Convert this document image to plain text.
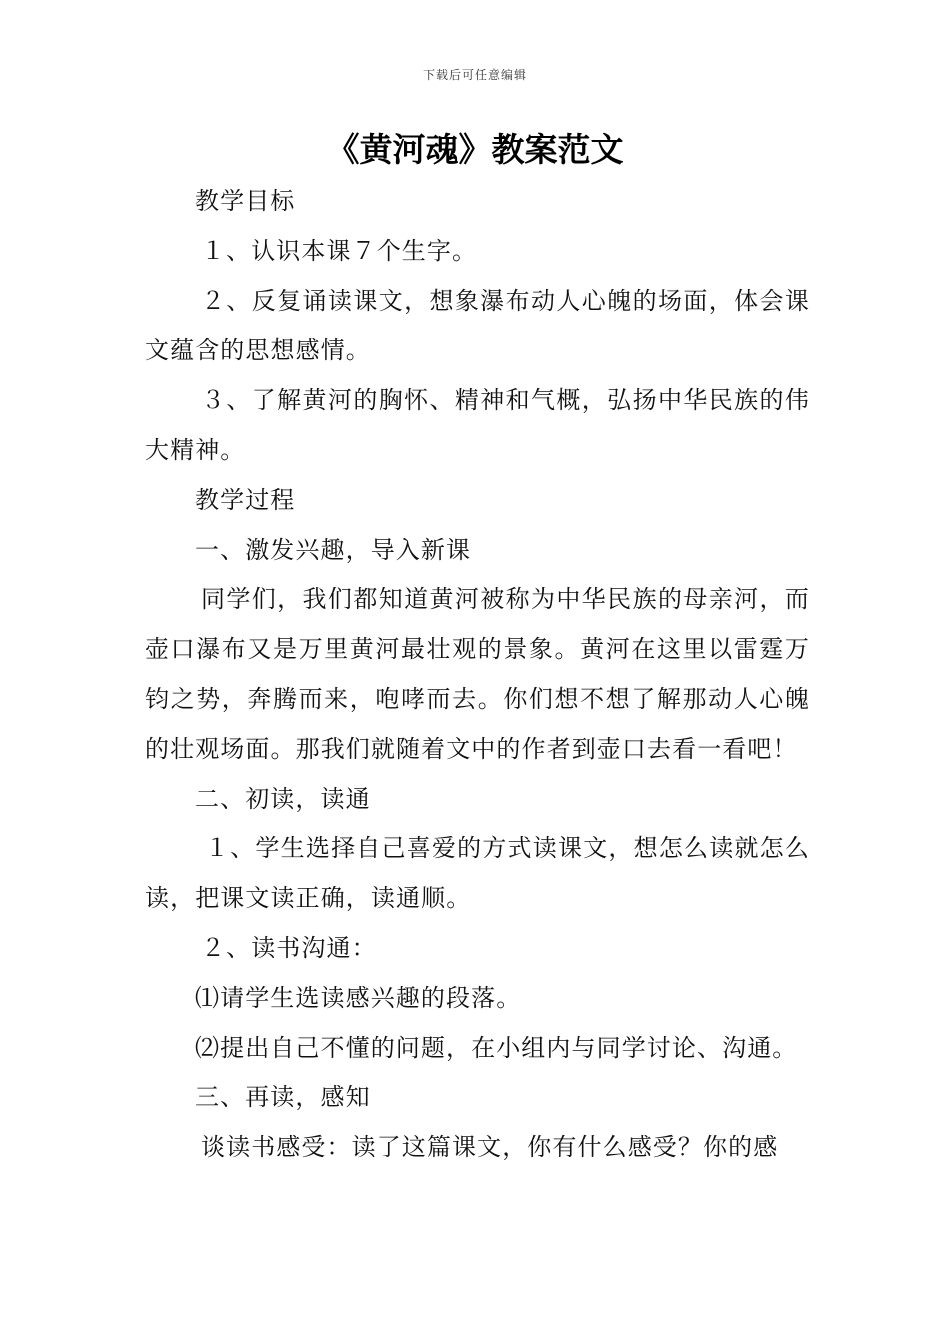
下载后可任意编辑
《黄河魂》教案范文

教学目标

１、认识本课７个生字。

２、反复诵读课文，想象瀑布动人心魄的场面，体会课文蕴含的思想感情。

３、了解黄河的胸怀、精神和气概，弘扬中华民族的伟大精神。

教学过程

一、激发兴趣，导入新课

同学们，我们都知道黄河被称为中华民族的母亲河，而壶口瀑布又是万里黄河最壮观的景象。黄河在这里以雷霆万钧之势，奔腾而来，咆哮而去。你们想不想了解那动人心魄的壮观场面。那我们就随着文中的作者到壶口去看一看吧！

二、初读，读通

１、学生选择自己喜爱的方式读课文，想怎么读就怎么读，把课文读正确，读通顺。

２、读书沟通：

⑴请学生选读感兴趣的段落。

⑵提出自己不懂的问题，在小组内与同学讨论、沟通。

三、再读，感知

谈读书感受：读了这篇课文，你有什么感受？你的感
